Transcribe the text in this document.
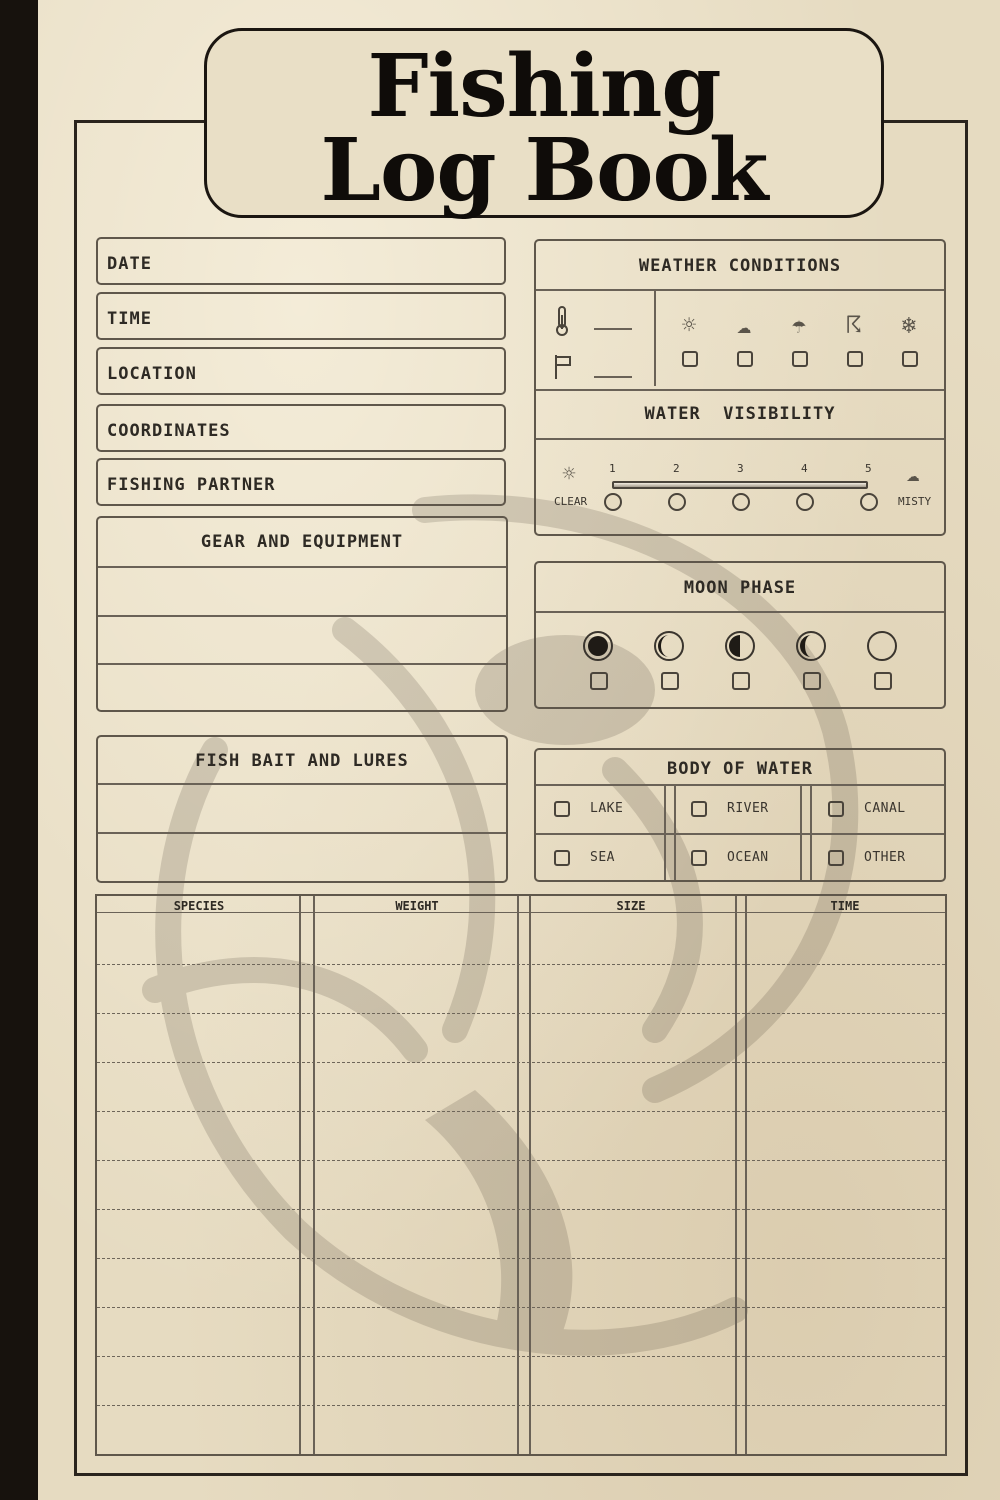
Fishing
Log Book
DATE
TIME
LOCATION
COORDINATES
FISHING PARTNER
GEAR AND EQUIPMENT
FISH BAIT AND LURES
WEATHER CONDITIONS
☼	☁	☂	☈	❄
WATER  VISIBILITY
☼
CLEAR
☁
MISTY
1	2	3	4	5
MOON PHASE
BODY OF WATER
LAKE	RIVER	CANAL
SEA	OCEAN	OTHER
SPECIES	WEIGHT	SIZE	TIME
